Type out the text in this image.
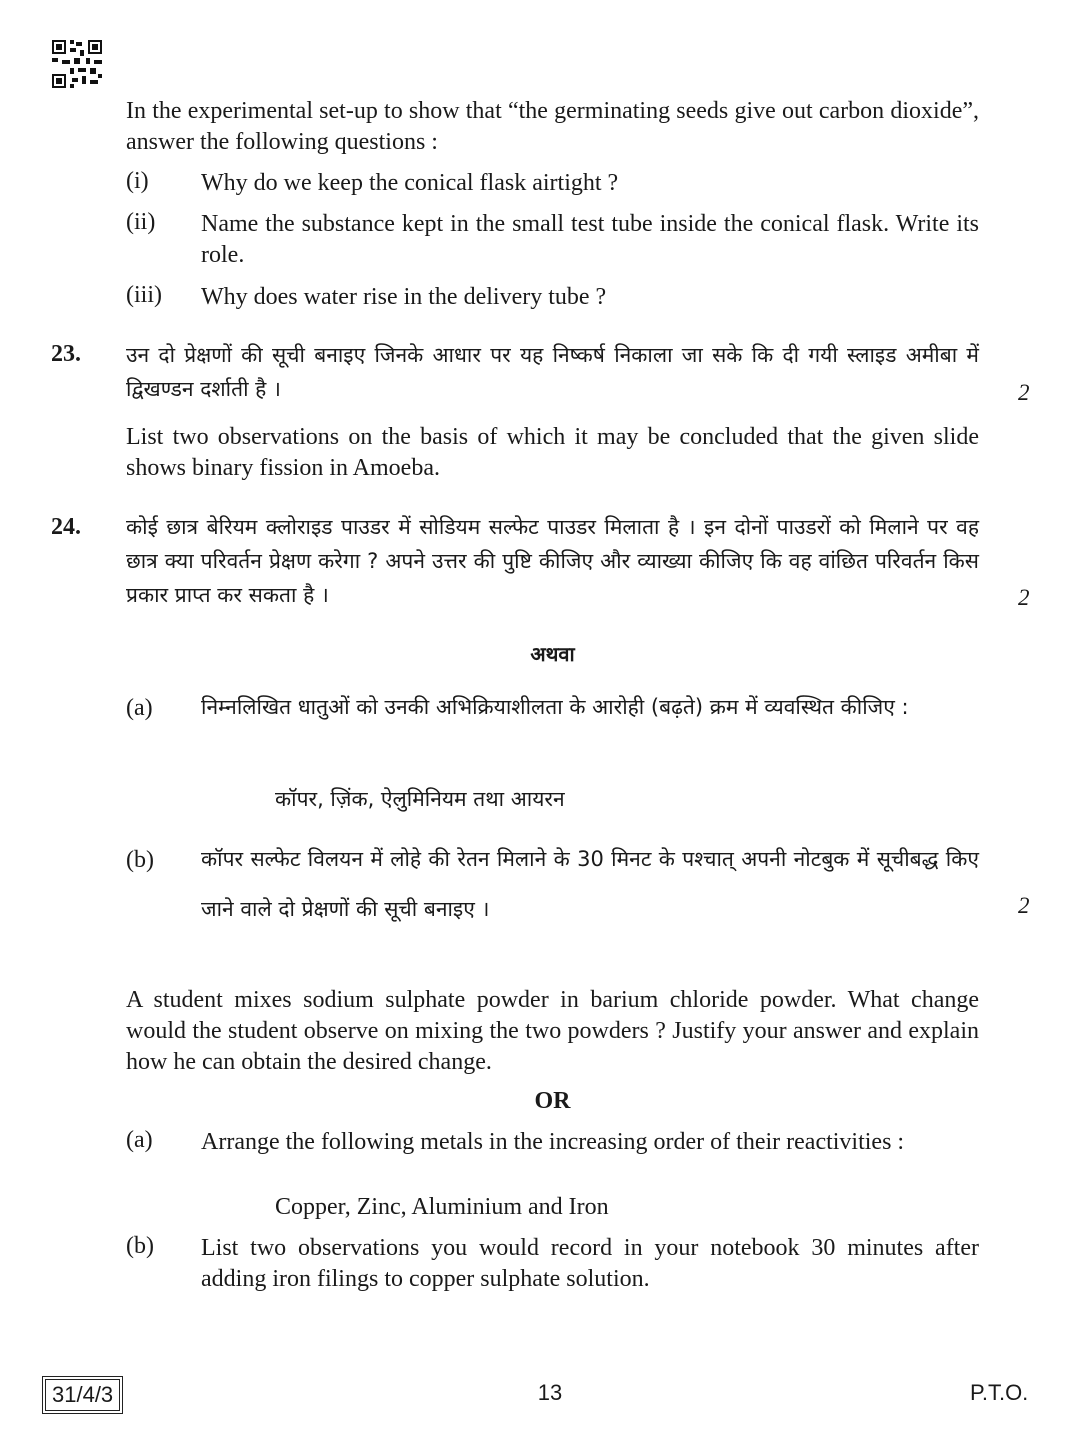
In the experimental set-up to show that “the germinating seeds give out carbon dioxide”, answer the following questions :
(i) Why do we keep the conical flask airtight ?
(ii) Name the substance kept in the small test tube inside the conical flask. Write its role.
(iii) Why does water rise in the delivery tube ?
23. उन दो प्रेक्षणों की सूची बनाइए जिनके आधार पर यह निष्कर्ष निकाला जा सके कि दी गयी स्लाइड अमीबा में द्विखण्डन दर्शाती है ।	2
List two observations on the basis of which it may be concluded that the given slide shows binary fission in Amoeba.
24. कोई छात्र बेरियम क्लोराइड पाउडर में सोडियम सल्फेट पाउडर मिलाता है । इन दोनों पाउडरों को मिलाने पर वह छात्र क्या परिवर्तन प्रेक्षण करेगा ? अपने उत्तर की पुष्टि कीजिए और व्याख्या कीजिए कि वह वांछित परिवर्तन किस प्रकार प्राप्त कर सकता है ।	2
अथवा
(a) निम्नलिखित धातुओं को उनकी अभिक्रियाशीलता के आरोही (बढ़ते) क्रम में व्यवस्थित कीजिए :
कॉपर, ज़िंक, ऐलुमिनियम तथा आयरन
(b) कॉपर सल्फेट विलयन में लोहे की रेतन मिलाने के 30 मिनट के पश्चात् अपनी नोटबुक में सूचीबद्ध किए जाने वाले दो प्रेक्षणों की सूची बनाइए ।	2
A student mixes sodium sulphate powder in barium chloride powder. What change would the student observe on mixing the two powders ? Justify your answer and explain how he can obtain the desired change.
OR
(a) Arrange the following metals in the increasing order of their reactivities :
Copper, Zinc, Aluminium and Iron
(b) List two observations you would record in your notebook 30 minutes after adding iron filings to copper sulphate solution.
31/4/3	13	P.T.O.
